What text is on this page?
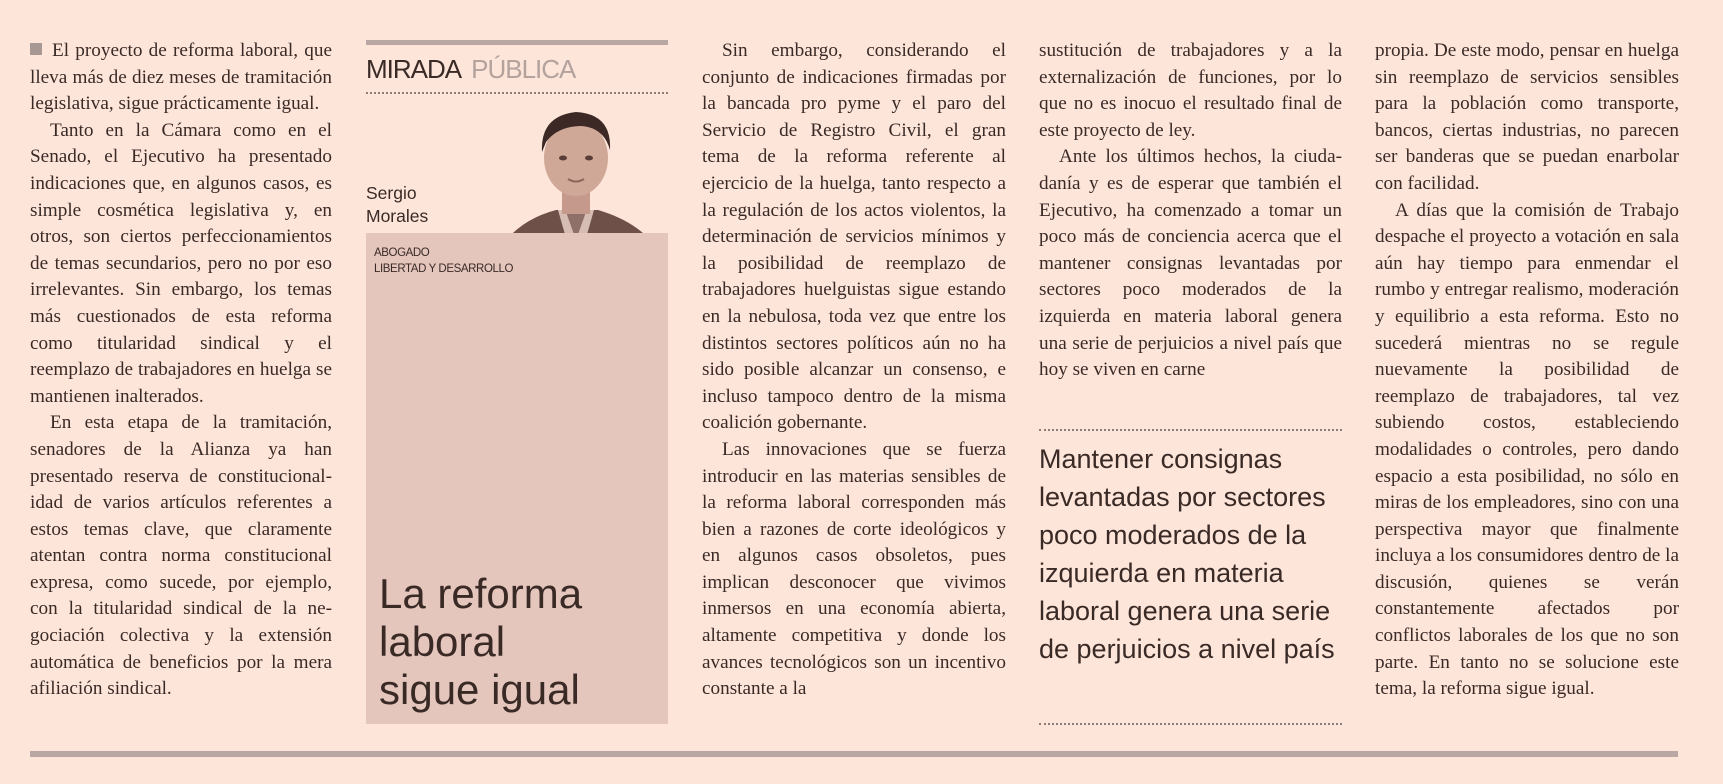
El proyecto de reforma laboral, que lleva más de diez meses de tramitación legislativa, sigue prácticamente igual.

Tanto en la Cámara como en el Senado, el Ejecutivo ha presentado indicaciones que, en algunos casos, es simple cosmética legislativa y, en otros, son ciertos perfeccionamientos de temas secundarios, pero no por eso irrelevantes. Sin embargo, los temas más cuestionados de esta reforma como titularidad sindical y el reemplazo de trabajadores en huelga se mantienen inalterados.

En esta etapa de la tramitación, senadores de la Alianza ya han presentado reserva de constitucionalidad de varios artículos referentes a estos temas clave, que claramente atentan contra norma constitucional expresa, como sucede, por ejemplo, con la titularidad sindical de la negociación colectiva y la extensión automática de beneficios por la mera afiliación sindical.

MIRADA PÚBLICA
Sergio
Morales
ABOGADO
LIBERTAD Y DESARROLLO
La reforma
laboral
sigue igual

Sin embargo, considerando el conjunto de indicaciones firmadas por la bancada pro pyme y el paro del Servicio de Registro Civil, el gran tema de la reforma referente al ejercicio de la huelga, tanto respecto a la regulación de los actos violentos, la determinación de servicios mínimos y la posibilidad de reemplazo de trabajadores huelguistas sigue estando en la nebulosa, toda vez que entre los distintos sectores políticos aún no ha sido posible alcanzar un consenso, e incluso tampoco dentro de la misma coalición gobernante.

Las innovaciones que se fuerza introducir en las materias sensibles de la reforma laboral corresponden más bien a razones de corte ideológicos y en algunos casos obsoletos, pues implican desconocer que vivimos inmersos en una economía abierta, altamente competitiva y donde los avances tecnológicos son un incentivo constante a la

sustitución de trabajadores y a la externalización de funciones, por lo que no es inocuo el resultado final de este proyecto de ley.

Ante los últimos hechos, la ciudadanía y es de esperar que también el Ejecutivo, ha comenzado a tomar un poco más de conciencia acerca que el mantener consignas levantadas por sectores poco moderados de la izquierda en materia laboral genera una serie de perjuicios a nivel país que hoy se viven en carne

Mantener consignas levantadas por sectores poco moderados de la izquierda en materia laboral genera una serie de perjuicios a nivel país

propia. De este modo, pensar en huelga sin reemplazo de servicios sensibles para la población como transporte, bancos, ciertas industrias, no parecen ser banderas que se puedan enarbolar con facilidad.

A días que la comisión de Trabajo despache el proyecto a votación en sala aún hay tiempo para enmendar el rumbo y entregar realismo, moderación y equilibrio a esta reforma. Esto no sucederá mientras no se regule nuevamente la posibilidad de reemplazo de trabajadores, tal vez subiendo costos, estableciendo modalidades o controles, pero dando espacio a esta posibilidad, no sólo en miras de los empleadores, sino con una perspectiva mayor que finalmente incluya a los consumidores dentro de la discusión, quienes se verán constantemente afectados por conflictos laborales de los que no son parte. En tanto no se solucione este tema, la reforma sigue igual.
